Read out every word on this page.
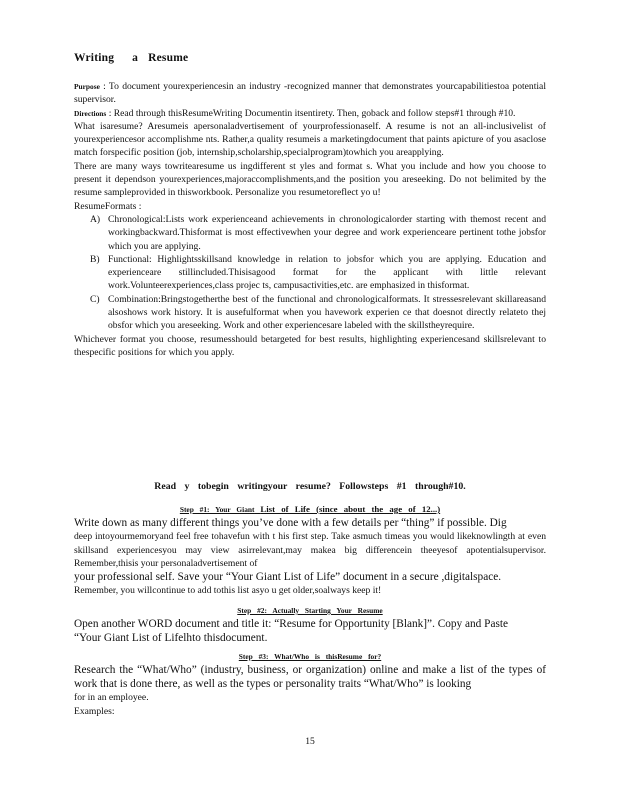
Writing a Resume

Purpose : To document yourexperiencesin an industry -recognized manner that demonstrates yourcapabilitiestoa potential supervisor.

Directions : Read through thisResumeWriting Documentin itsentirety. Then, goback and follow steps#1 through #10.

What isaresume? Aresumeis apersonaladvertisement of yourprofessionaself. A resume is not an all-inclusivelist of yourexperiencesor accomplishme nts. Rather,a quality resumeis a marketingdocument that paints apicture of you asaclose match forspecific position (job, internship,scholarship,specialprogram)towhich you areapplying.

There are many ways towritearesume us ingdifferent st yles and format s. What you include and how you choose to present it dependson yourexperiences,majoraccomplishments,and the position you areseeking. Do not belimited by the resume sampleprovided in thisworkbook. Personalize you resumetoreflect yo u!

ResumeFormats :

A) Chronological:Lists work experienceand achievements in chronologicalorder starting with themost recent and workingbackward.Thisformat is most effectivewhen your degree and work experienceare pertinent tothe jobsfor which you are applying.
B) Functional: Highlightsskillsand knowledge in relation to jobsfor which you are applying. Education and experienceare stillincluded.Thisisagood format for the applicant with little relevant work.Volunteerexperiences,class projec ts, campusactivities,etc. are emphasized in thisformat.
C) Combination:Bringstogetherthe best of the functional and chronologicalformats. It stressesrelevant skillareasand alsoshows work history. It is ausefulformat when you havework experien ce that doesnot directly relateto thej obsfor which you areseeking. Work and other experiencesare labeled with the skillstheyrequire.

Whichever format you choose, resumesshould betargeted for best results, highlighting experiencesand skillsrelevant to thespecific positions for which you apply.

Read y tobegin writingyour resume? Followsteps #1 through#10.

Step #1: Your Giant List of Life (since about the age of 12...)

Write down as many different things you’ve done with a few details per “thing” if possible. Dig

deep intoyourmemoryand feel free tohavefun with t his first step. Take asmuch timeas you would likeknowlingth at even skillsand experiencesyou may view asirrelevant,may makea big differencein theeyesof apotentialsupervisor. Remember,thisis your personaladvertisement of

your professional self. Save your “Your Giant List of Life” document in a secure ,digitalspace.

Remember, you willcontinue to add tothis list asyo u get older,soalways keep it!

Step #2: Actually Starting Your Resume

Open another WORD document and title it: “Resume for Opportunity [Blank]”. Copy and Paste

“Your Giant List of Lifelhto thisdocument.

Step #3: What/Who is thisResume for?

Research the “What/Who” (industry, business, or organization) online and make a list of the types of work that is done there, as well as the types or personality traits “What/Who” is looking

for in an employee.

Examples:

15
